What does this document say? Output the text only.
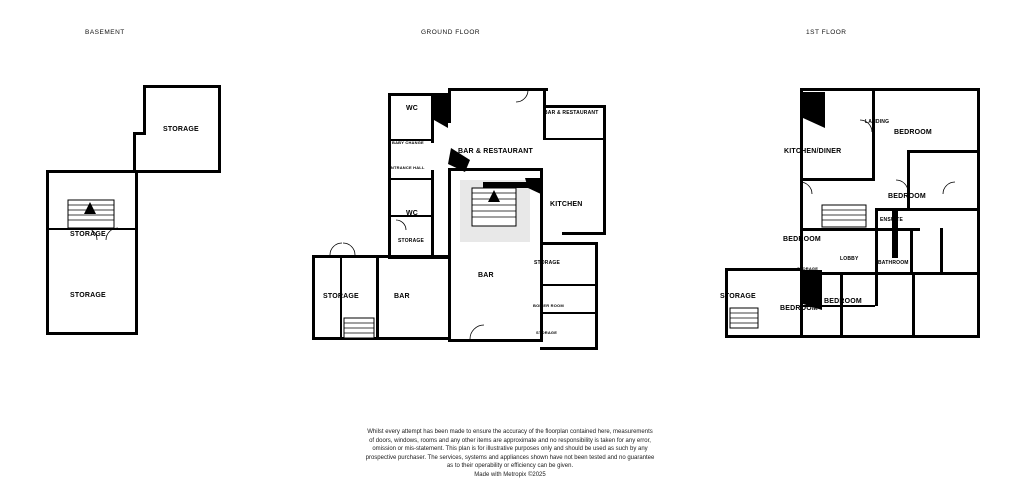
BASEMENT	GROUND FLOOR	1ST FLOOR
STORAGE
STORAGE
STORAGE
WC
BABY CHANGE
ENTRANCE HALL
WC
STORAGE
BAR & RESTAURANT
BAR & RESTAURANT
KITCHEN
STORAGE
BOILER ROOM
STORAGE
BAR
BAR
STORAGE
KITCHEN/DINER
LANDING
BEDROOM
BEDROOM
ENSUITE
BEDROOM
LOBBY
BATHROOM
STORAGE
BEDROOM
BEDROOM
STORAGE
Whilst every attempt has been made to ensure the accuracy of the floorplan contained here, measurements
of doors, windows, rooms and any other items are approximate and no responsibility is taken for any error,
omission or mis-statement. This plan is for illustrative purposes only and should be used as such by any
prospective purchaser. The services, systems and appliances shown have not been tested and no guarantee
as to their operability or efficiency can be given.
Made with Metropix ©2025
